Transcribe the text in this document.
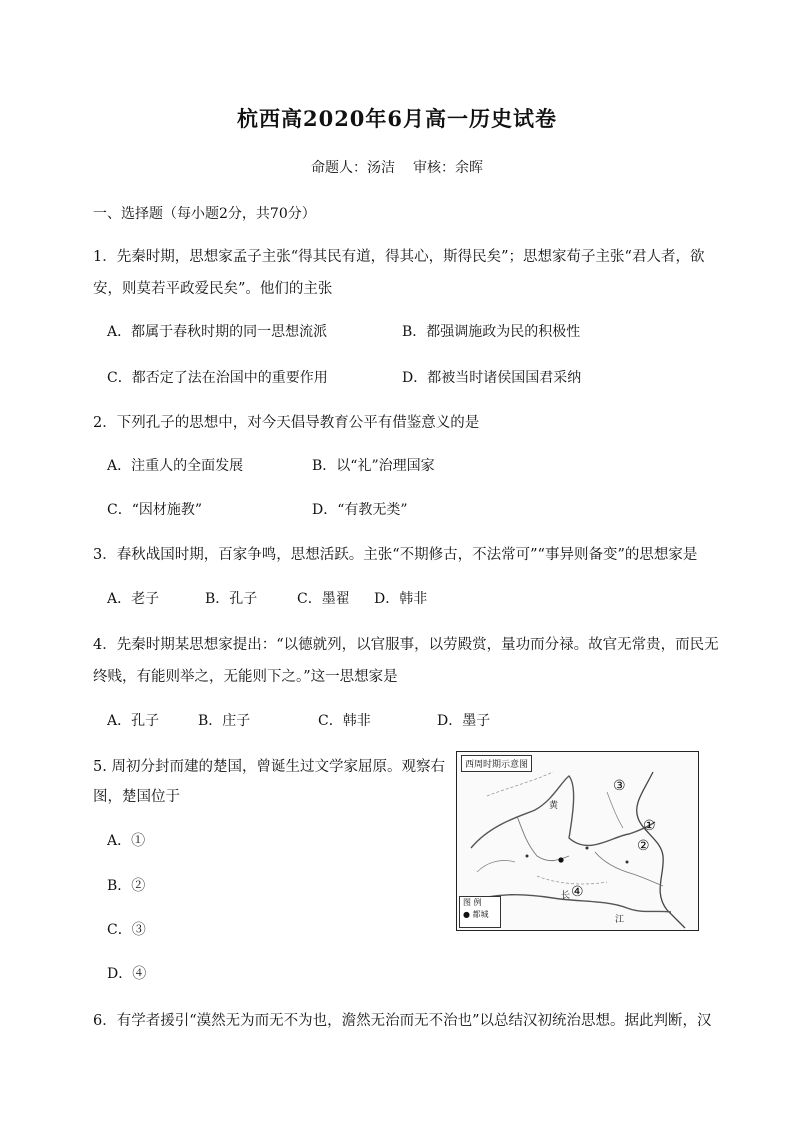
杭西高2020年6月高一历史试卷
命题人：汤洁 审核：余晖
一、选择题（每小题2分，共70分）
1．先秦时期，思想家孟子主张“得其民有道，得其心，斯得民矣”；思想家荀子主张“君人者，欲
安，则莫若平政爱民矣”。他们的主张
A．都属于春秋时期的同一思想流派	B．都强调施政为民的积极性
C．都否定了法在治国中的重要作用	D．都被当时诸侯国国君采纳
2．下列孔子的思想中，对今天倡导教育公平有借鉴意义的是
A．注重人的全面发展	B．以“礼”治理国家
C．“因材施教”	D．“有教无类”
3．春秋战国时期，百家争鸣，思想活跃。主张“不期修古，不法常可”“事异则备变”的思想家是
A．老子	B．孔子	C．墨翟 D．韩非
4．先秦时期某思想家提出：“以德就列，以官服事，以劳殿赏，量功而分禄。故官无常贵，而民无
终贱，有能则举之，无能则下之。”这一思想家是
A．孔子	B．庄子	C．韩非	D．墨子
5. 周初分封而建的楚国，曾诞生过文学家屈原。观察右
图，楚国位于
A．①
B．②
C．③
D．④
西周时期示意图
黄
长
江
③
①
②
④
图 例
● 都城
6．有学者援引“漠然无为而无不为也，澹然无治而无不治也”以总结汉初统治思想。据此判断，汉
